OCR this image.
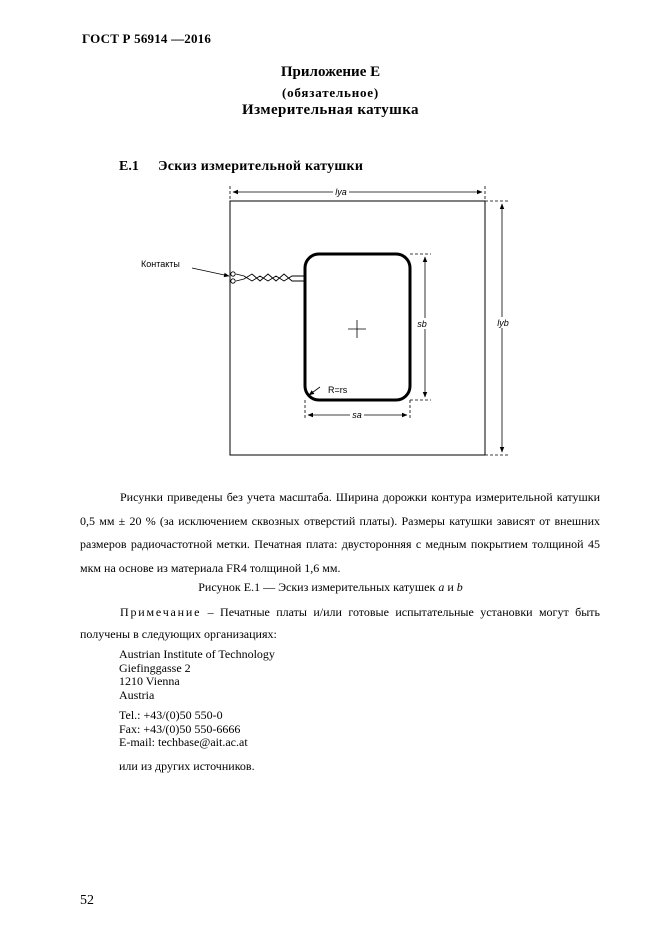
ГОСТ Р 56914 —2016
Приложение Е
(обязательное)
Измерительная катушка
Е.1 Эскиз измерительной катушки
lya
lyb
sb
sa
R=rs
Контакты
Рисунки приведены без учета масштаба. Ширина дорожки контура измерительной катушки 0,5 мм ± 20 % (за исключением сквозных отверстий платы). Размеры катушки зависят от внешних размеров радиочастотной метки. Печатная плата: двусторонняя с медным покрытием толщиной 45 мкм на основе из материала FR4 толщиной 1,6 мм.
Рисунок Е.1 — Эскиз измерительных катушек a и b
Примечание – Печатные платы и/или готовые испытательные установки могут быть получены в следующих организациях:
Austrian Institute of Technology
Giefinggasse 2
1210 Vienna
Austria
Tel.: +43/(0)50 550-0
Fax: +43/(0)50 550-6666
E-mail: techbase@ait.ac.at
или из других источников.
52
